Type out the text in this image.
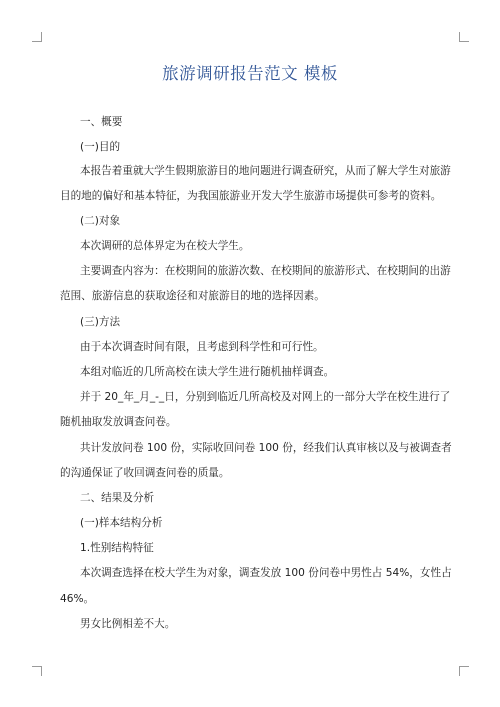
旅游调研报告范文 模板
一、概要
(一)目的
本报告着重就大学生假期旅游目的地问题进行调查研究，从而了解大学生对旅游
目的地的偏好和基本特征，为我国旅游业开发大学生旅游市场提供可参考的资料。
(二)对象
本次调研的总体界定为在校大学生。
主要调查内容为：在校期间的旅游次数、在校期间的旅游形式、在校期间的出游
范围、旅游信息的获取途径和对旅游目的地的选择因素。
(三)方法
由于本次调查时间有限，且考虑到科学性和可行性。
本组对临近的几所高校在读大学生进行随机抽样调查。
并于 20_年_月_-_日，分别到临近几所高校及对网上的一部分大学在校生进行了
随机抽取发放调查问卷。
共计发放问卷 100 份，实际收回问卷 100 份，经我们认真审核以及与被调查者
的沟通保证了收回调查问卷的质量。
二、结果及分析
(一)样本结构分析
1.性别结构特征
本次调查选择在校大学生为对象，调查发放 100 份问卷中男性占 54%，女性占
46%。
男女比例相差不大。
